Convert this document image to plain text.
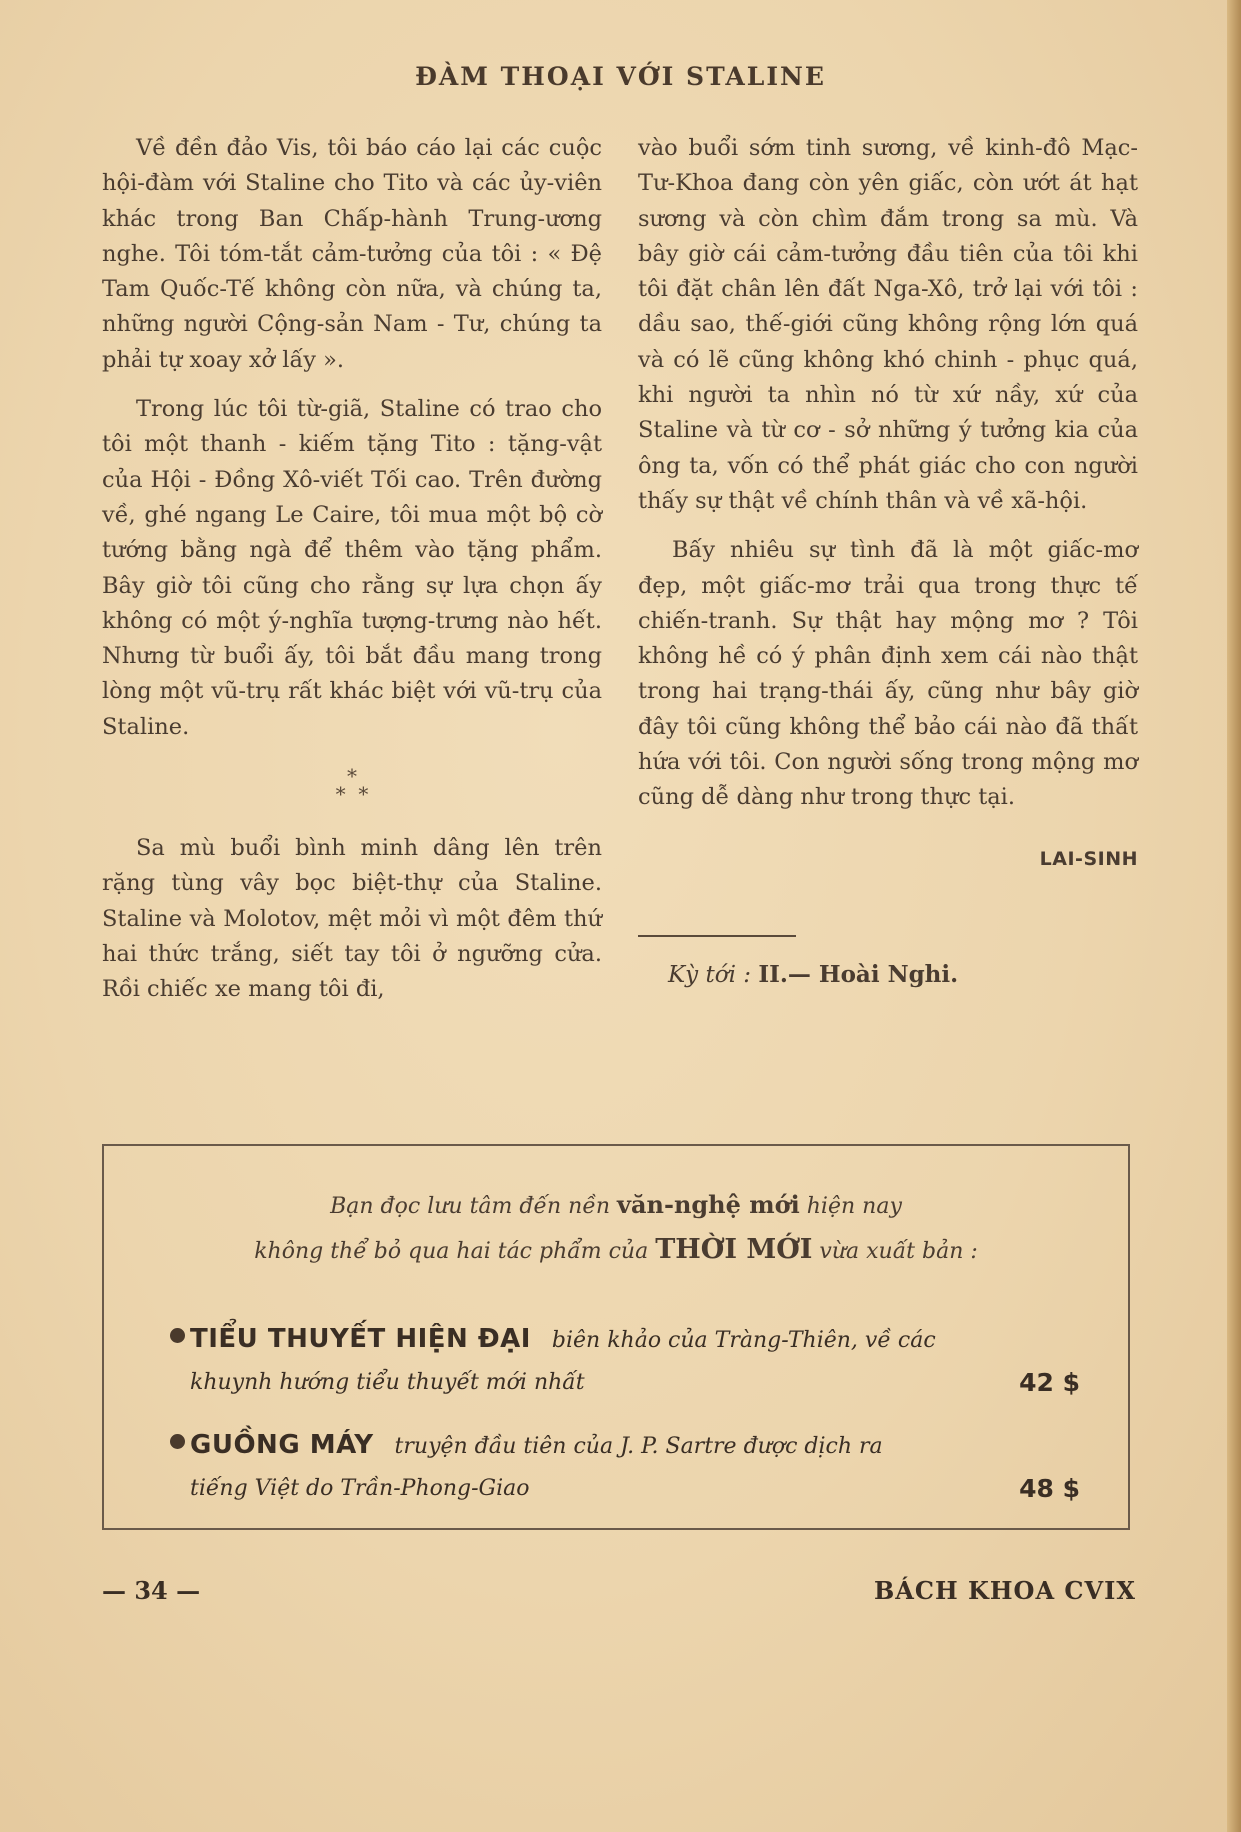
ĐÀM THOẠI VỚI STALINE

Về đền đảo Vis, tôi báo cáo lại các cuộc hội-đàm với Staline cho Tito và các ủy-viên khác trong Ban Chấp-hành Trung-ương nghe. Tôi tóm-tắt cảm-tưởng của tôi : « Đệ Tam Quốc-Tế không còn nữa, và chúng ta, những người Cộng-sản Nam - Tư, chúng ta phải tự xoay xở lấy ».

Trong lúc tôi từ-giã, Staline có trao cho tôi một thanh - kiếm tặng Tito : tặng-vật của Hội - Đồng Xô-viết Tối cao. Trên đường về, ghé ngang Le Caire, tôi mua một bộ cờ tướng bằng ngà để thêm vào tặng phẩm. Bây giờ tôi cũng cho rằng sự lựa chọn ấy không có một ý-nghĩa tượng-trưng nào hết. Nhưng từ buổi ấy, tôi bắt đầu mang trong lòng một vũ-trụ rất khác biệt với vũ-trụ của Staline.

*
*  *

Sa mù buổi bình minh dâng lên trên rặng tùng vây bọc biệt-thự của Staline. Staline và Molotov, mệt mỏi vì một đêm thứ hai thức trắng, siết tay tôi ở ngưỡng cửa. Rồi chiếc xe mang tôi đi,

vào buổi sớm tinh sương, về kinh-đô Mạc-Tư-Khoa đang còn yên giấc, còn ướt át hạt sương và còn chìm đắm trong sa mù. Và bây giờ cái cảm-tưởng đầu tiên của tôi khi tôi đặt chân lên đất Nga-Xô, trở lại với tôi : dầu sao, thế-giới cũng không rộng lớn quá và có lẽ cũng không khó chinh - phục quá, khi người ta nhìn nó từ xứ nầy, xứ của Staline và từ cơ - sở những ý tưởng kia của ông ta, vốn có thể phát giác cho con người thấy sự thật về chính thân và về xã-hội.

Bấy nhiêu sự tình đã là một giấc-mơ đẹp, một giấc-mơ trải qua trong thực tế chiến-tranh. Sự thật hay mộng mơ ? Tôi không hề có ý phân định xem cái nào thật trong hai trạng-thái ấy, cũng như bây giờ đây tôi cũng không thể bảo cái nào đã thất hứa với tôi. Con người sống trong mộng mơ cũng dễ dàng như trong thực tại.

LAI-SINH
Kỳ tới : II.— Hoài Nghi.
Bạn đọc lưu tâm đến nền văn-nghệ mới hiện nay
không thể bỏ qua hai tác phẩm của THỜI MỚI vừa xuất bản :
TIỂU THUYẾT HIỆN ĐẠI biên khảo của Tràng-Thiên, về các
khuynh hướng tiểu thuyết mới nhất	42 $
GUỒNG MÁY truyện đầu tiên của J. P. Sartre được dịch ra
tiếng Việt do Trần-Phong-Giao	48 $
— 34 —	BÁCH KHOA CVIX
